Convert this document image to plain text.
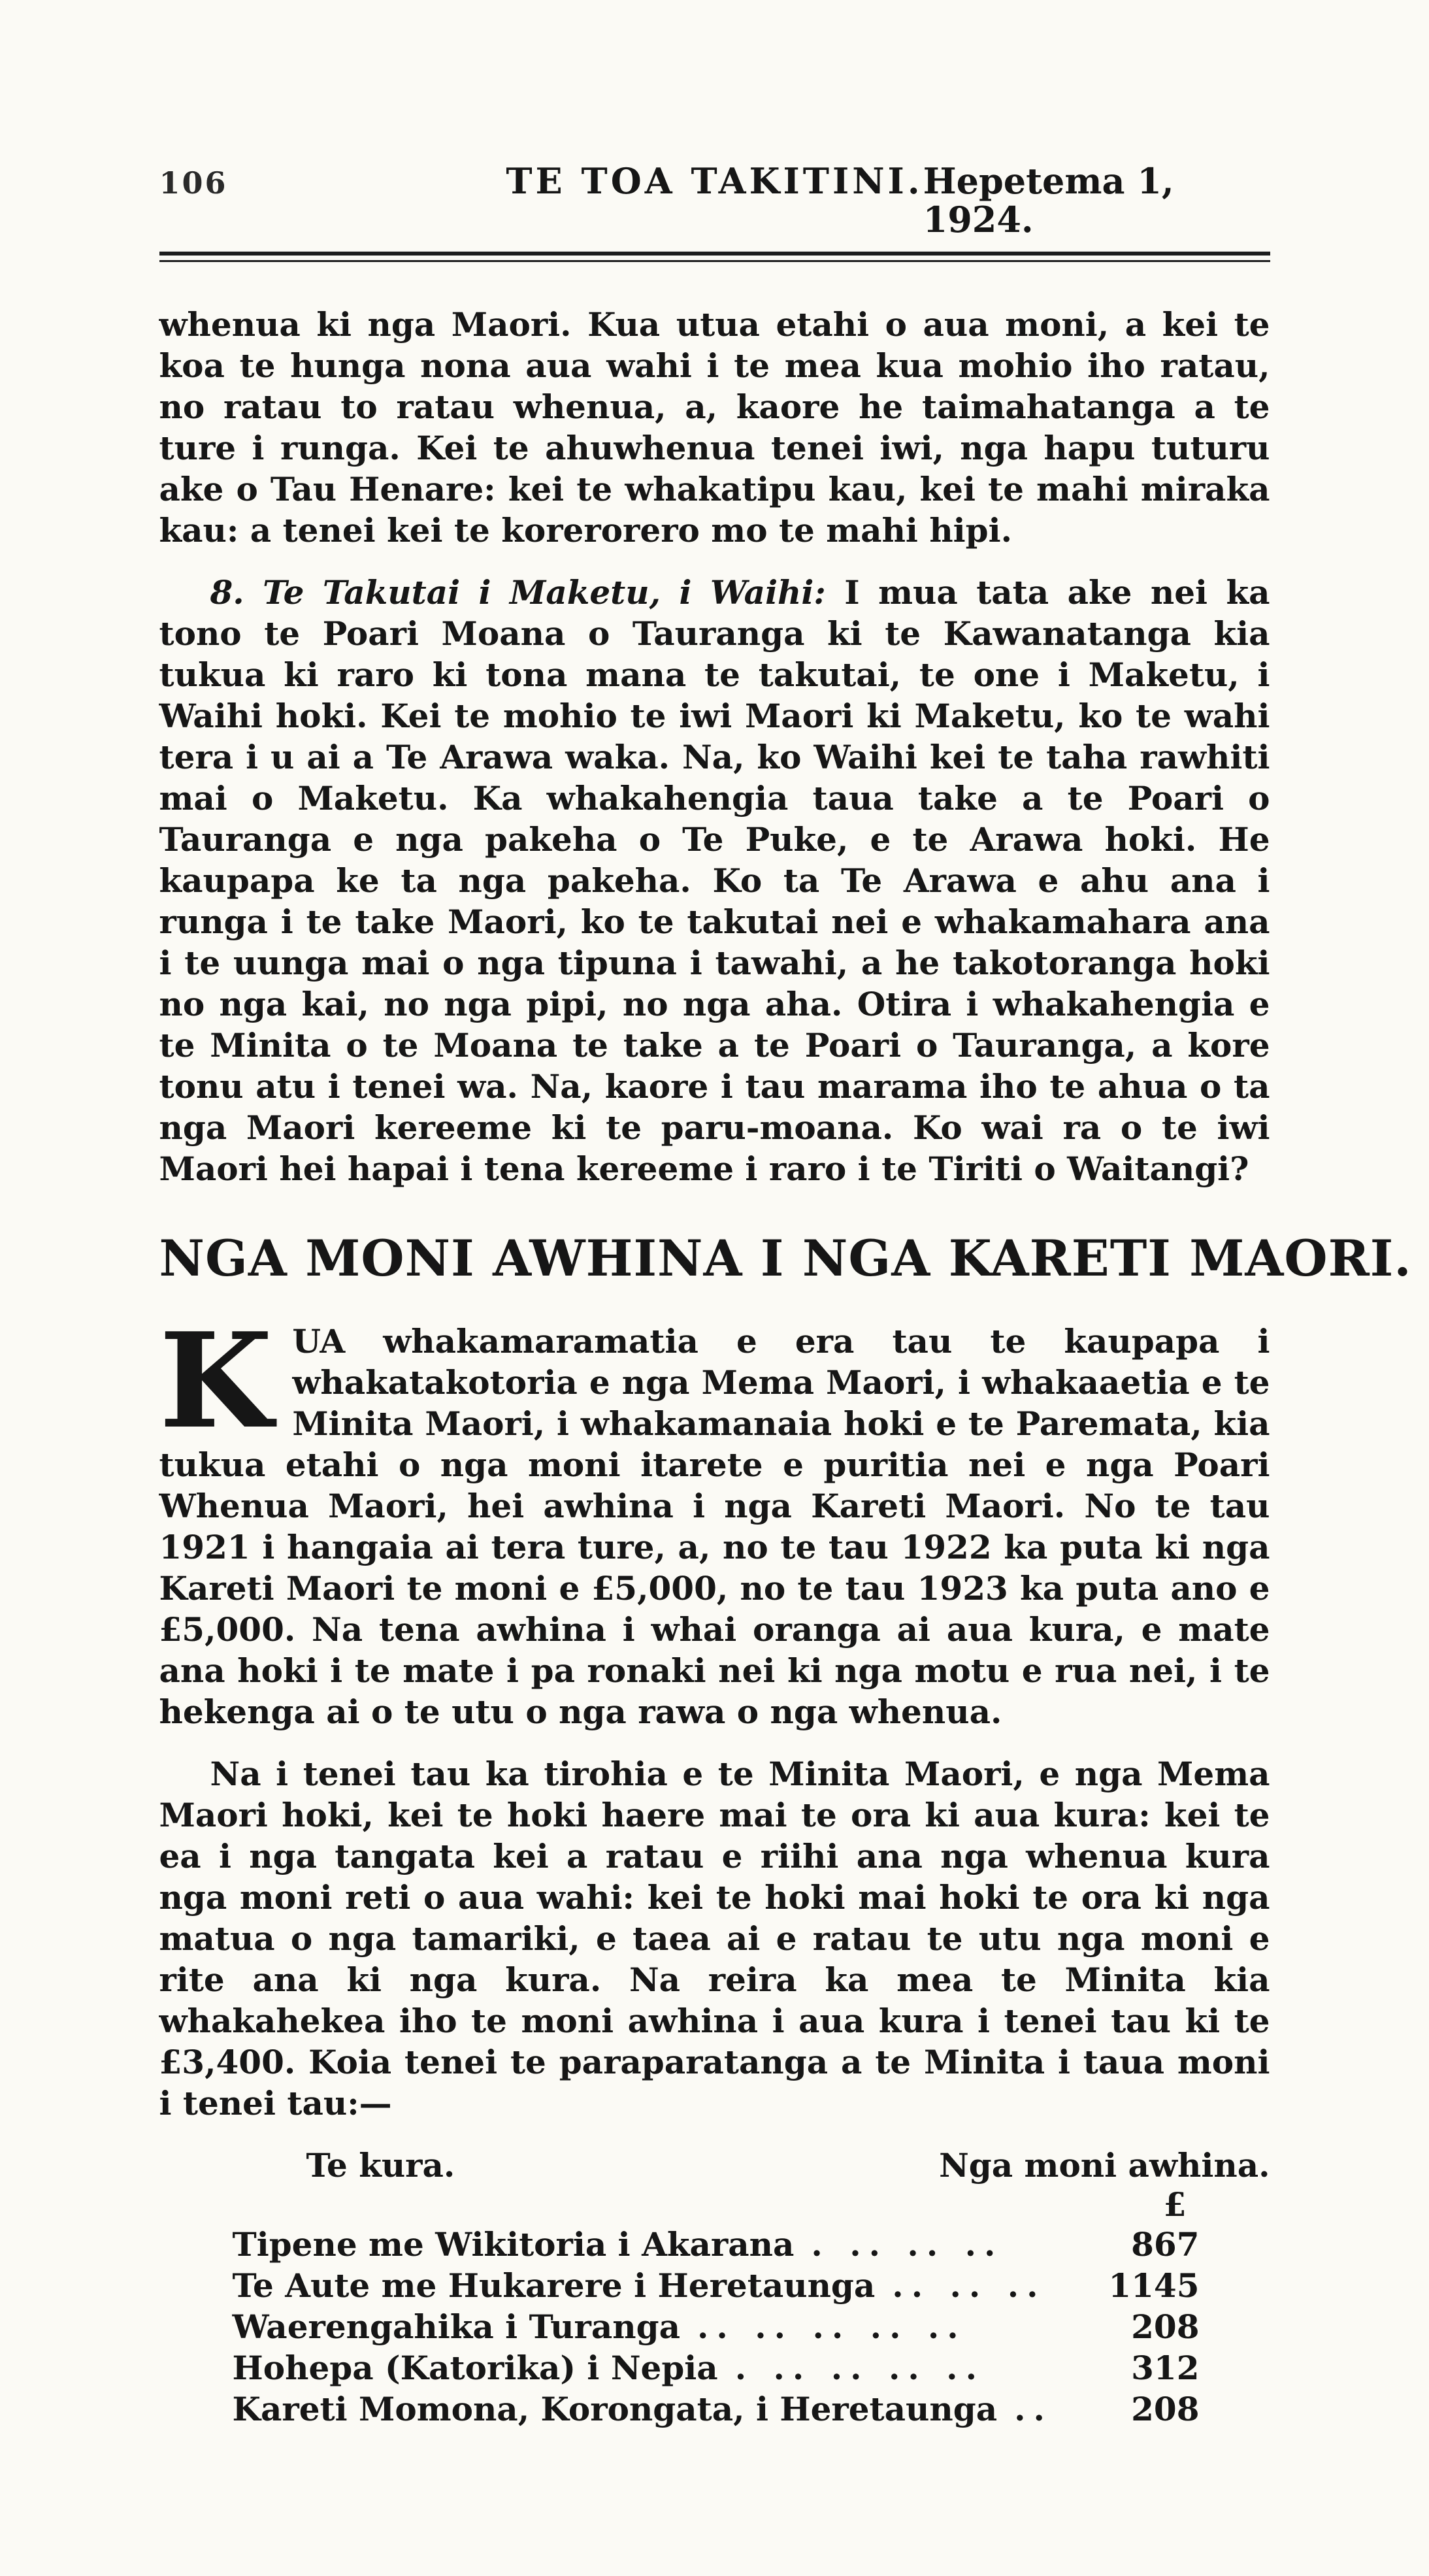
106	TE TOA TAKITINI. Hepetema 1, 1924.

whenua ki nga Maori. Kua utua etahi o aua moni, a kei te koa te hunga nona aua wahi i te mea kua mohio iho ratau, no ratau to ratau whenua, a, kaore he taimahatanga a te ture i runga. Kei te ahuwhenua tenei iwi, nga hapu tuturu ake o Tau Henare: kei te whakatipu kau, kei te mahi miraka kau: a tenei kei te korerorero mo te mahi hipi.

8. Te Takutai i Maketu, i Waihi: I mua tata ake nei ka tono te Poari Moana o Tauranga ki te Kawanatanga kia tukua ki raro ki tona mana te takutai, te one i Maketu, i Waihi hoki. Kei te mohio te iwi Maori ki Maketu, ko te wahi tera i u ai a Te Arawa waka. Na, ko Waihi kei te taha rawhiti mai o Maketu. Ka whakahengia taua take a te Poari o Tauranga e nga pakeha o Te Puke, e te Arawa hoki. He kaupapa ke ta nga pakeha. Ko ta Te Arawa e ahu ana i runga i te take Maori, ko te takutai nei e whakamahara ana i te uunga mai o nga tipuna i tawahi, a he takotoranga hoki no nga kai, no nga pipi, no nga aha. Otira i whakahengia e te Minita o te Moana te take a te Poari o Tauranga, a kore tonu atu i tenei wa. Na, kaore i tau marama iho te ahua o ta nga Maori kereeme ki te paru-moana. Ko wai ra o te iwi Maori hei hapai i tena kereeme i raro i te Tiriti o Waitangi?

NGA MONI AWHINA I NGA KARETI MAORI.

KUA whakamaramatia e era tau te kaupapa i whakatakotoria e nga Mema Maori, i whakaaetia e te Minita Maori, i whakamanaia hoki e te Paremata, kia tukua etahi o nga moni itarete e puritia nei e nga Poari Whenua Maori, hei awhina i nga Kareti Maori. No te tau 1921 i hangaia ai tera ture, a, no te tau 1922 ka puta ki nga Kareti Maori te moni e £5,000, no te tau 1923 ka puta ano e £5,000. Na tena awhina i whai oranga ai aua kura, e mate ana hoki i te mate i pa ronaki nei ki nga motu e rua nei, i te hekenga ai o te utu o nga rawa o nga whenua.

Na i tenei tau ka tirohia e te Minita Maori, e nga Mema Maori hoki, kei te hoki haere mai te ora ki aua kura: kei te ea i nga tangata kei a ratau e riihi ana nga whenua kura nga moni reti o aua wahi: kei te hoki mai hoki te ora ki nga matua o nga tamariki, e taea ai e ratau te utu nga moni e rite ana ki nga kura. Na reira ka mea te Minita kia whakahekea iho te moni awhina i aua kura i tenei tau ki te £3,400. Koia tenei te paraparatanga a te Minita i taua moni i tenei tau:—

Te kura.	Nga moni awhina.
£
Tipene me Wikitoria i Akarana . .. .. ..	867
Te Aute me Hukarere i Heretaunga .. .. ..	1145
Waerengahika i Turanga .. .. .. .. ..	208
Hohepa (Katorika) i Nepia . .. .. .. ..	312
Kareti Momona, Korongata, i Heretaunga ..	208
